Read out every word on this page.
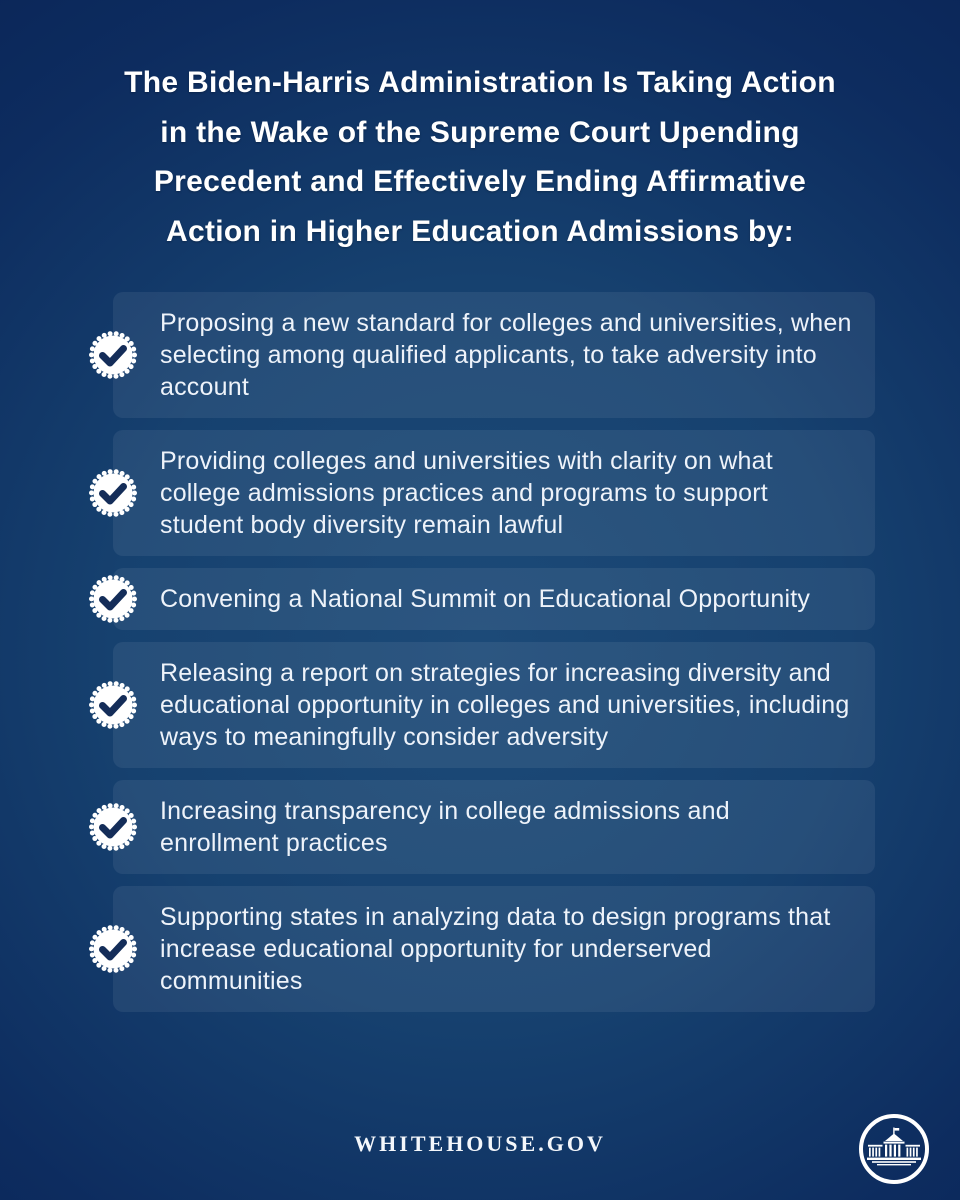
The Biden-Harris Administration Is Taking Action
in the Wake of the Supreme Court Upending
Precedent and Effectively Ending Affirmative
Action in Higher Education Admissions by:

Proposing a new standard for colleges and universities, when selecting among qualified applicants, to take adversity into account

Providing colleges and universities with clarity on what college admissions practices and programs to support student body diversity remain lawful

Convening a National Summit on Educational Opportunity

Releasing a report on strategies for increasing diversity and educational opportunity in colleges and universities, including ways to meaningfully consider adversity

Increasing transparency in college admissions and enrollment practices

Supporting states in analyzing data to design programs that increase educational opportunity for underserved communities

WHITEHOUSE.GOV
